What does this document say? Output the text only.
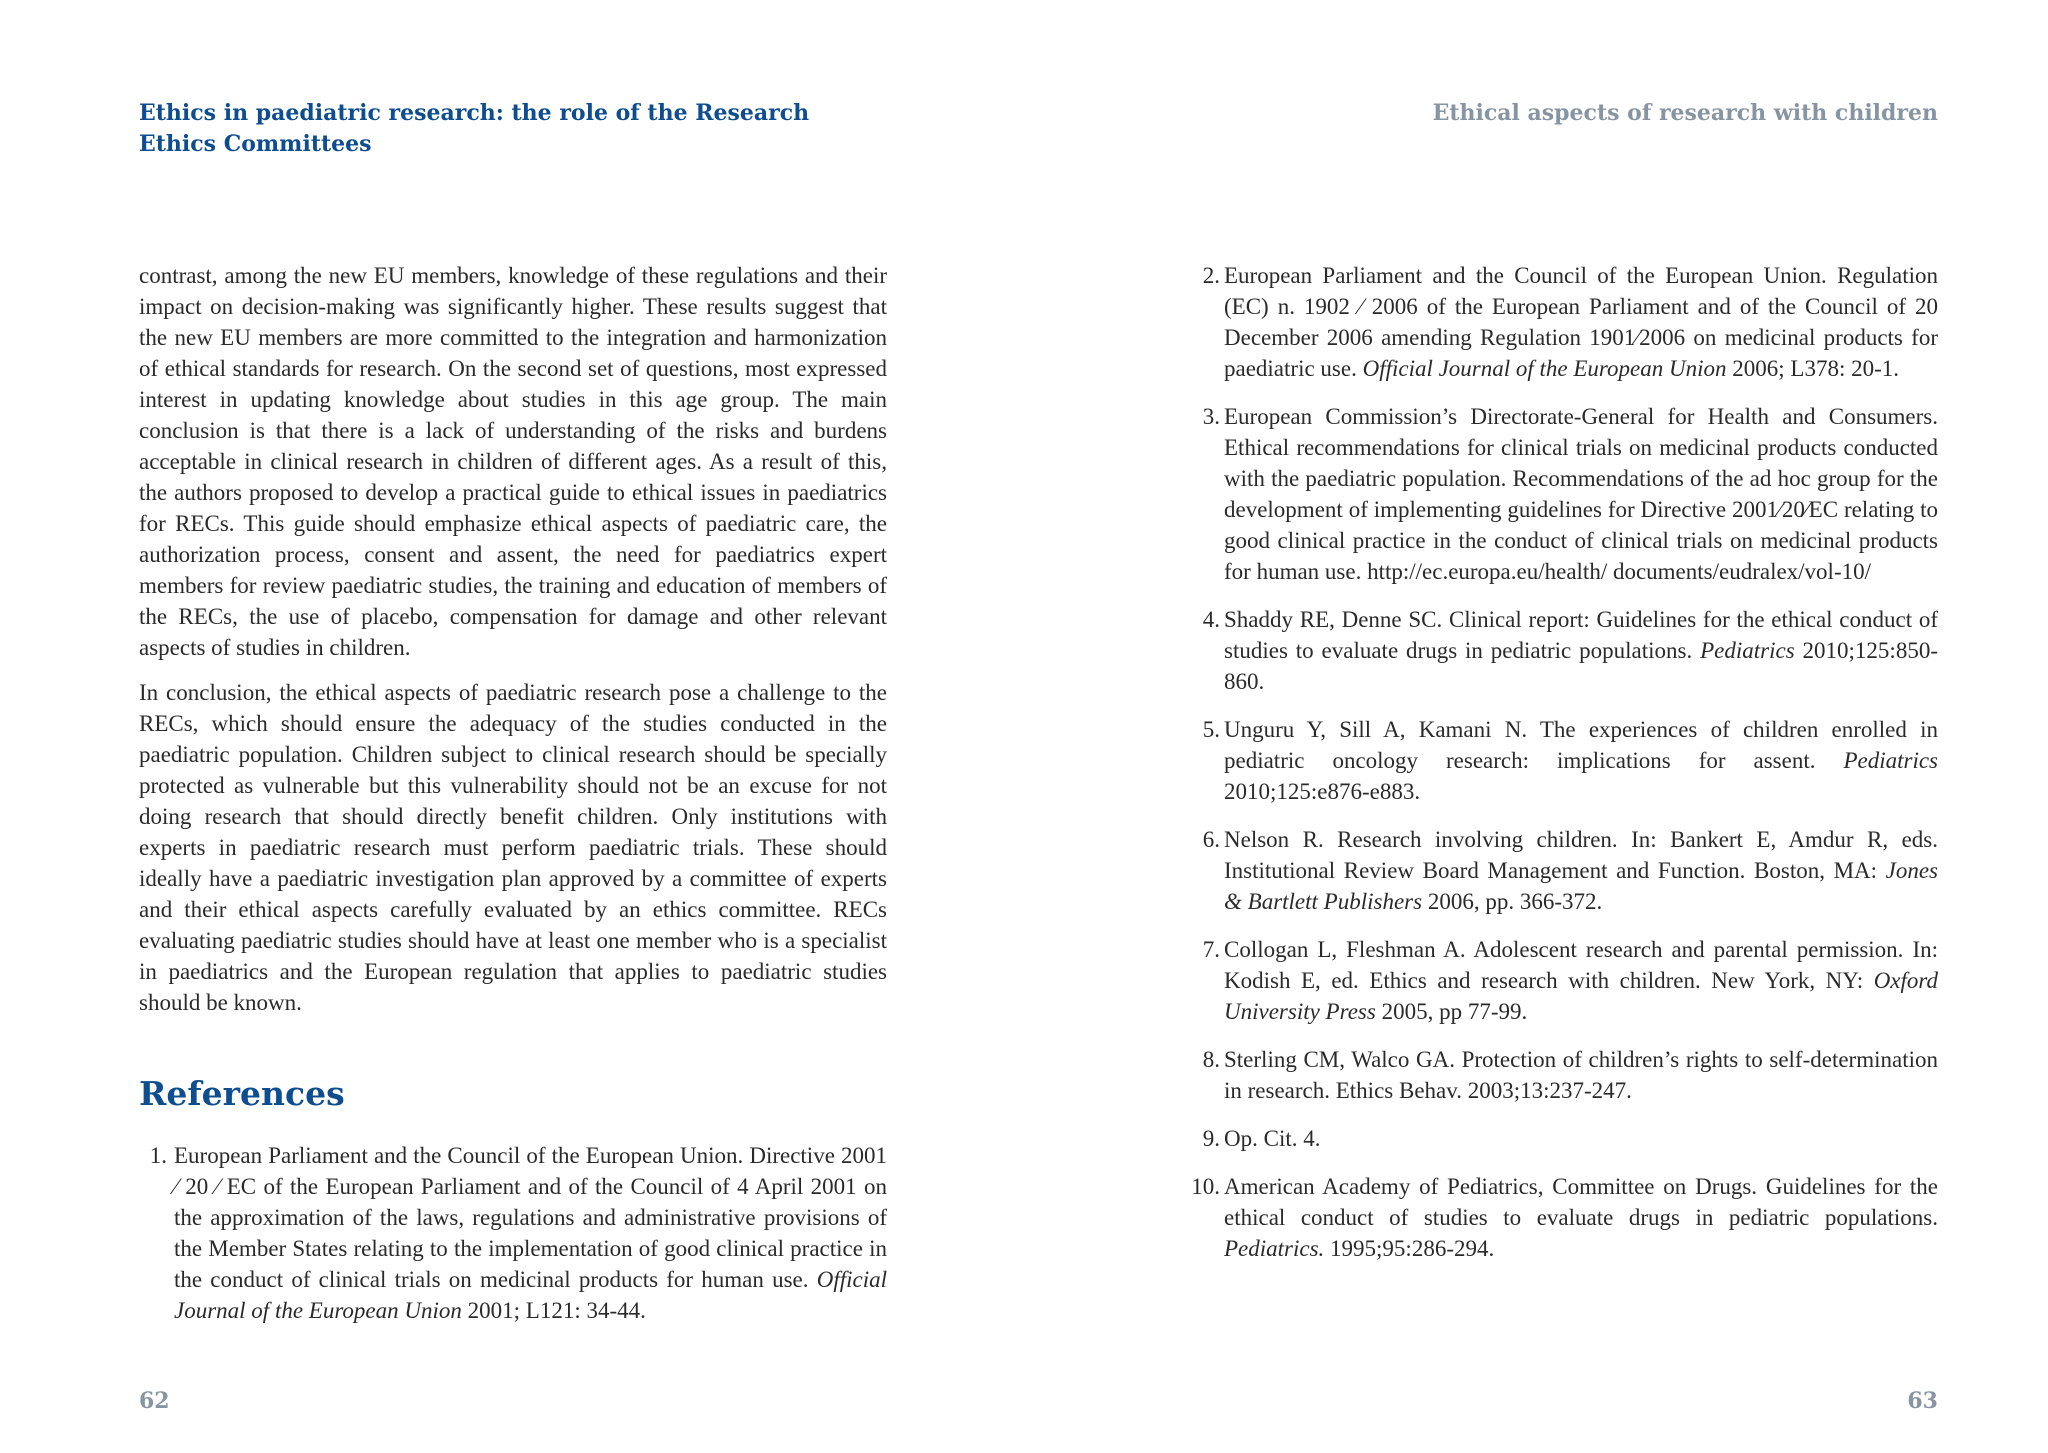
Ethics in paediatric research: the role of the Research Ethics Committees

contrast, among the new EU members, knowledge of these regulations and their impact on decision-making was significantly higher. These results suggest that the new EU members are more committed to the integration and harmonization of ethical standards for research. On the second set of questions, most expressed interest in updating knowledge about studies in this age group. The main conclusion is that there is a lack of understanding of the risks and burdens acceptable in clinical research in children of different ages. As a result of this, the authors proposed to develop a practical guide to ethical issues in paediatrics for RECs. This guide should emphasize ethical aspects of paediatric care, the authorization process, consent and assent, the need for paediatrics expert members for review paediatric studies, the training and education of members of the RECs, the use of placebo, compensation for damage and other relevant aspects of studies in children.

In conclusion, the ethical aspects of paediatric research pose a challenge to the RECs, which should ensure the adequacy of the studies conducted in the paediatric population. Children subject to clinical research should be specially protected as vulnerable but this vulnerability should not be an excuse for not doing research that should directly benefit children. Only institutions with experts in paediatric research must perform paediatric trials. These should ideally have a paediatric investigation plan approved by a committee of experts and their ethical aspects carefully evaluated by an ethics committee. RECs evaluating paediatric studies should have at least one member who is a specialist in paediatrics and the European regulation that applies to paediatric studies should be known.

References
1. European Parliament and the Council of the European Union. Directive 2001 ⁄ 20 ⁄ EC of the European Parliament and of the Council of 4 April 2001 on the approximation of the laws, regulations and administrative provisions of the Member States relating to the implementation of good clinical practice in the conduct of clinical trials on medicinal products for human use. Official Journal of the European Union 2001; L121: 34-44.
62
Ethical aspects of research with children
2. European Parliament and the Council of the European Union. Regulation (EC) n. 1902 ⁄ 2006 of the European Parliament and of the Council of 20 December 2006 amending Regulation 1901⁄2006 on medicinal products for paediatric use. Official Journal of the European Union 2006; L378: 20-1.
3. European Commission’s Directorate-General for Health and Consumers. Ethical recommendations for clinical trials on medicinal products conducted with the paediatric population. Recommendations of the ad hoc group for the development of implementing guidelines for Directive 2001⁄20⁄EC relating to good clinical practice in the conduct of clinical trials on medicinal products for human use. http://ec.europa.eu/health/ documents/eudralex/vol-10/
4. Shaddy RE, Denne SC. Clinical report: Guidelines for the ethical conduct of studies to evaluate drugs in pediatric populations. Pediatrics 2010;125:850-860.
5. Unguru Y, Sill A, Kamani N. The experiences of children enrolled in pediatric oncology research: implications for assent. Pediatrics 2010;125:e876-e883.
6. Nelson R. Research involving children. In: Bankert E, Amdur R, eds. Institutional Review Board Management and Function. Boston, MA: Jones & Bartlett Publishers 2006, pp. 366-372.
7. Collogan L, Fleshman A. Adolescent research and parental permission. In: Kodish E, ed. Ethics and research with children. New York, NY: Oxford University Press 2005, pp 77-99.
8. Sterling CM, Walco GA. Protection of children’s rights to self-determination in research. Ethics Behav. 2003;13:237-247.
9. Op. Cit. 4.
10. American Academy of Pediatrics, Committee on Drugs. Guidelines for the ethical conduct of studies to evaluate drugs in pediatric populations. Pediatrics. 1995;95:286-294.
63
